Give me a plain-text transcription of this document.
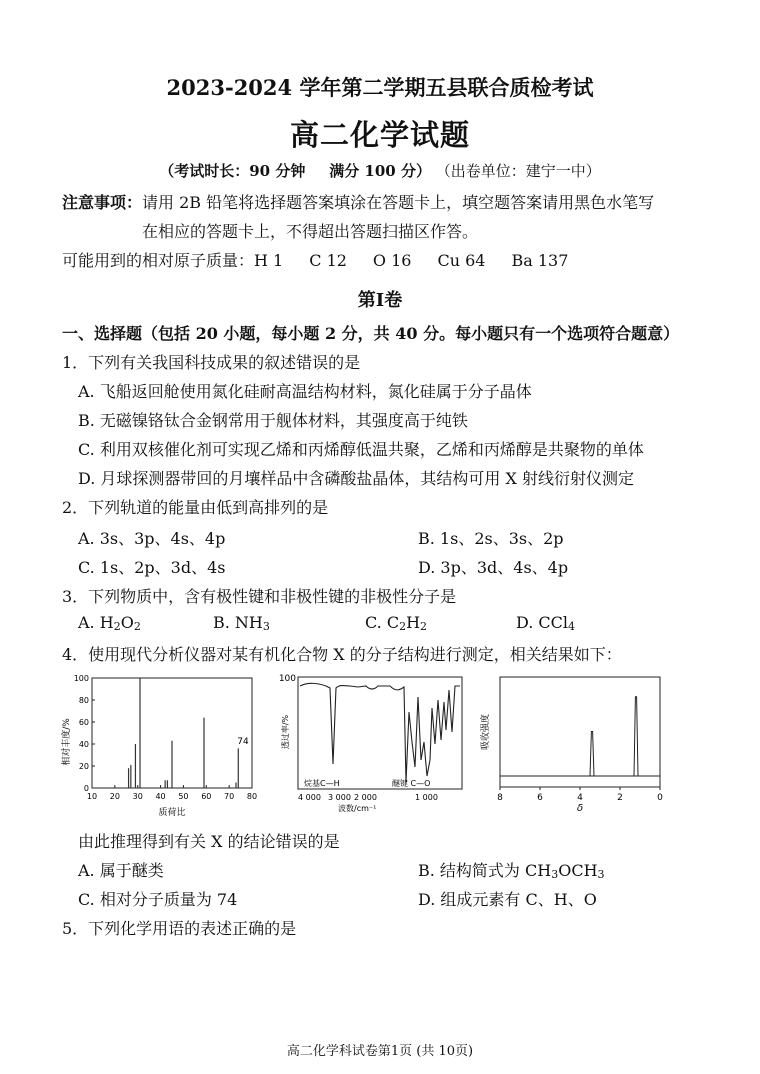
2023-2024 学年第二学期五县联合质检考试
高二化学试题
（考试时长：90 分钟 满分 100 分） （出卷单位：建宁一中）
注意事项：请用 2B 铅笔将选择题答案填涂在答题卡上，填空题答案请用黑色水笔写
在相应的答题卡上，不得超出答题扫描区作答。
可能用到的相对原子质量：H 1 C 12 O 16 Cu 64 Ba 137
第Ⅰ卷
一、选择题（包括 20 小题，每小题 2 分，共 40 分。每小题只有一个选项符合题意）
1．下列有关我国科技成果的叙述错误的是
A. 飞船返回舱使用氮化硅耐高温结构材料，氮化硅属于分子晶体
B. 无磁镍铬钛合金钢常用于舰体材料，其强度高于纯铁
C. 利用双核催化剂可实现乙烯和丙烯醇低温共聚，乙烯和丙烯醇是共聚物的单体
D. 月球探测器带回的月壤样品中含磷酸盐晶体，其结构可用 X 射线衍射仪测定
2．下列轨道的能量由低到高排列的是
A. 3s、3p、4s、4p	B. 1s、2s、3s、2p
C. 1s、2p、3d、4s	D. 3p、3d、4s、4p
3．下列物质中，含有极性键和非极性键的非极性分子是
A. $H_2O_2$	B. $NH_3$	C. $C_2H_2$	D. CCl$_4$
4．使用现代分析仪器对某有机化合物 X 的分子结构进行测定，相关结果如下：
0
20
40
60
80
100
10 20 30 40 50 60 70 80
相对丰度/%
质荷比
74
100
透过率/%
烷基C—H	醚键 C—O
4 000 3 000 2 000	1 000
波数/cm⁻¹
8	6	4	2	0
吸收强度
δ
由此推理得到有关 X 的结论错误的是
A. 属于醚类	B. 结构简式为 $CH_3OCH_3$
C. 相对分子质量为 74	D. 组成元素有 C、H、O
5．下列化学用语的表述正确的是
高二化学科试卷第1页 (共 10页)
